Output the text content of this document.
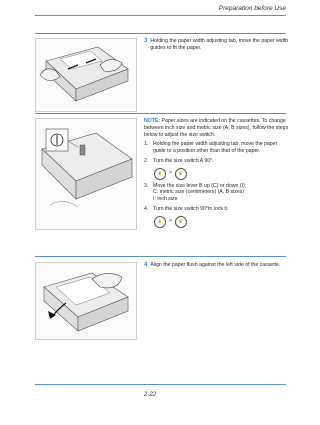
Preparation before Use
3 Holding the paper width adjusting tab, move the paper width guides to fit the paper.
NOTE: Paper sizes are indicated on the cassettes. To change between inch size and metric size (A, B sizes), follow the steps below to adjust the size switch.
1. Holding the paper width adjusting tab, move the paper guide to a position other than that of the paper.
2. Turn the size switch A 90°.
🔒	>	🔓
3. Move the size lever B up (C) or down (I).
C: metric size (centimeters) (A, B sizes)
I: inch size
4. Turn the size switch 90°to lock it.
🔓	>	🔒
4 Align the paper flush against the left side of the cassette.
2-22
